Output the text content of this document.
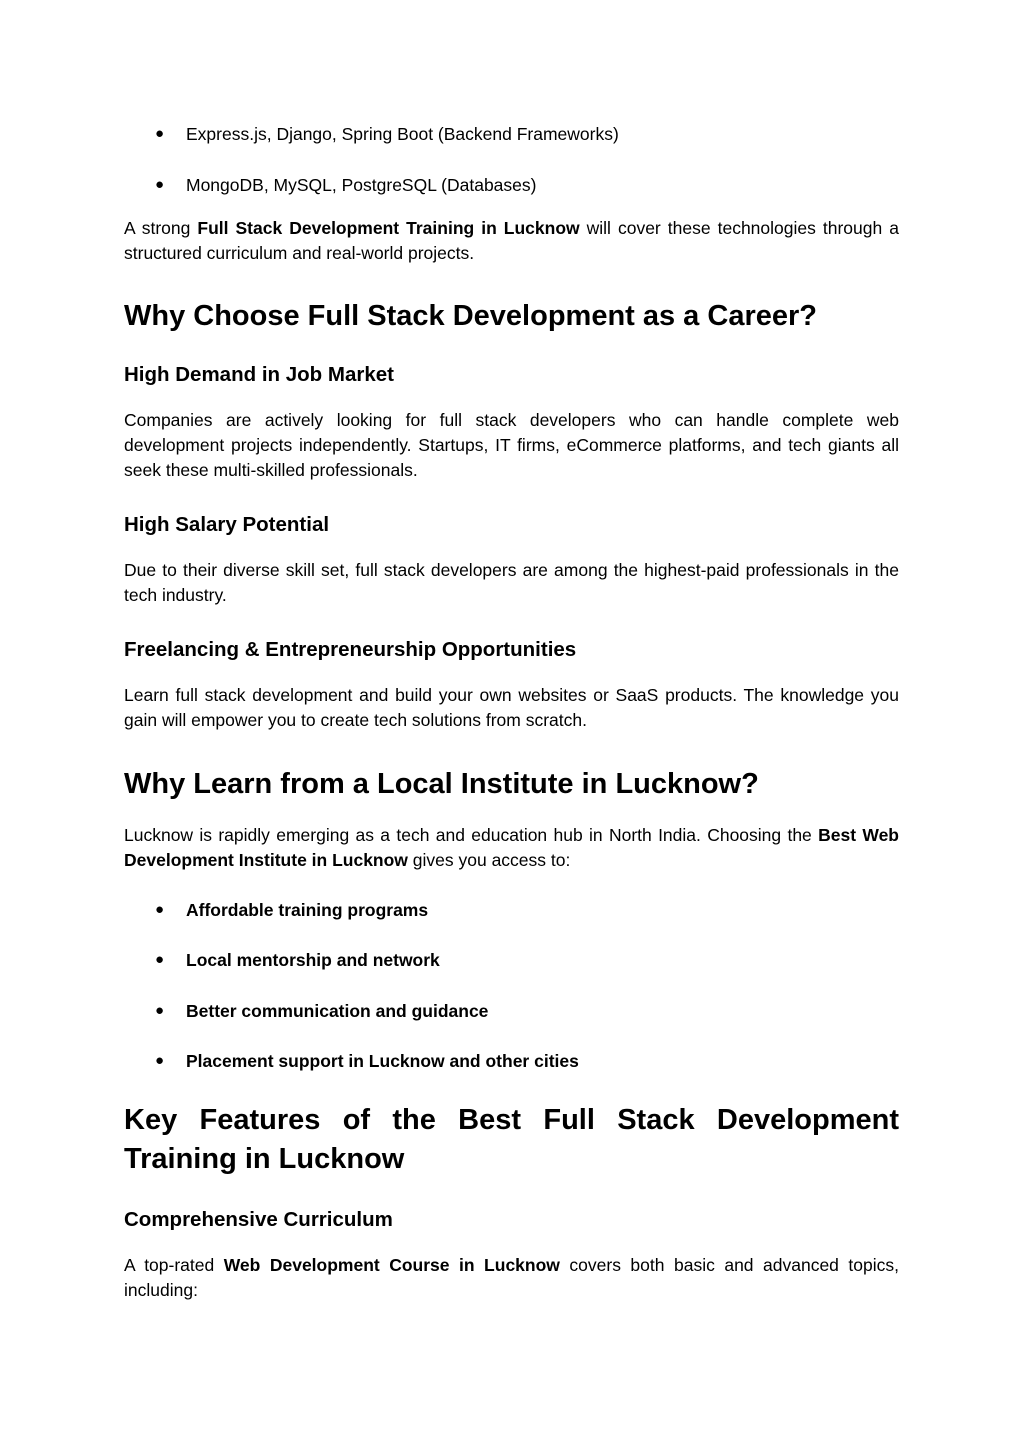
● Express.js, Django, Spring Boot (Backend Frameworks)
● MongoDB, MySQL, PostgreSQL (Databases)

A strong Full Stack Development Training in Lucknow will cover these technologies through a structured curriculum and real-world projects.

Why Choose Full Stack Development as a Career?
High Demand in Job Market

Companies are actively looking for full stack developers who can handle complete web development projects independently. Startups, IT firms, eCommerce platforms, and tech giants all seek these multi-skilled professionals.

High Salary Potential

Due to their diverse skill set, full stack developers are among the highest-paid professionals in the tech industry.

Freelancing & Entrepreneurship Opportunities

Learn full stack development and build your own websites or SaaS products. The knowledge you gain will empower you to create tech solutions from scratch.

Why Learn from a Local Institute in Lucknow?

Lucknow is rapidly emerging as a tech and education hub in North India. Choosing the Best Web Development Institute in Lucknow gives you access to:

● Affordable training programs
● Local mentorship and network
● Better communication and guidance
● Placement support in Lucknow and other cities
Key Features of the Best Full Stack Development Training in Lucknow
Comprehensive Curriculum

A top-rated Web Development Course in Lucknow covers both basic and advanced topics, including:
